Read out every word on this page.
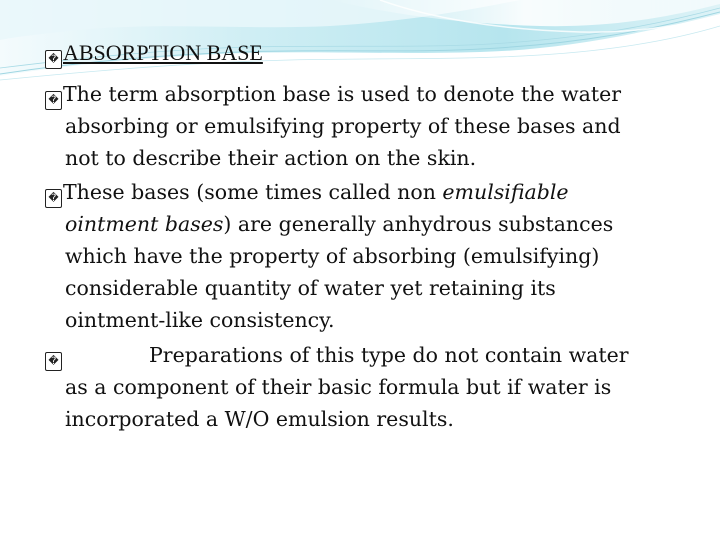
� ABSORPTION BASE

� The term absorption base is used to denote the water
absorbing or emulsifying property of these bases and
not to describe their action on the skin.

� These bases (some times called non emulsifiable
ointment bases) are generally anhydrous substances
which have the property of absorbing (emulsifying)
considerable quantity of water yet retaining its
ointment-like consistency.

�	Preparations of this type do not contain water
as a component of their basic formula but if water is
incorporated a W/O emulsion results.
